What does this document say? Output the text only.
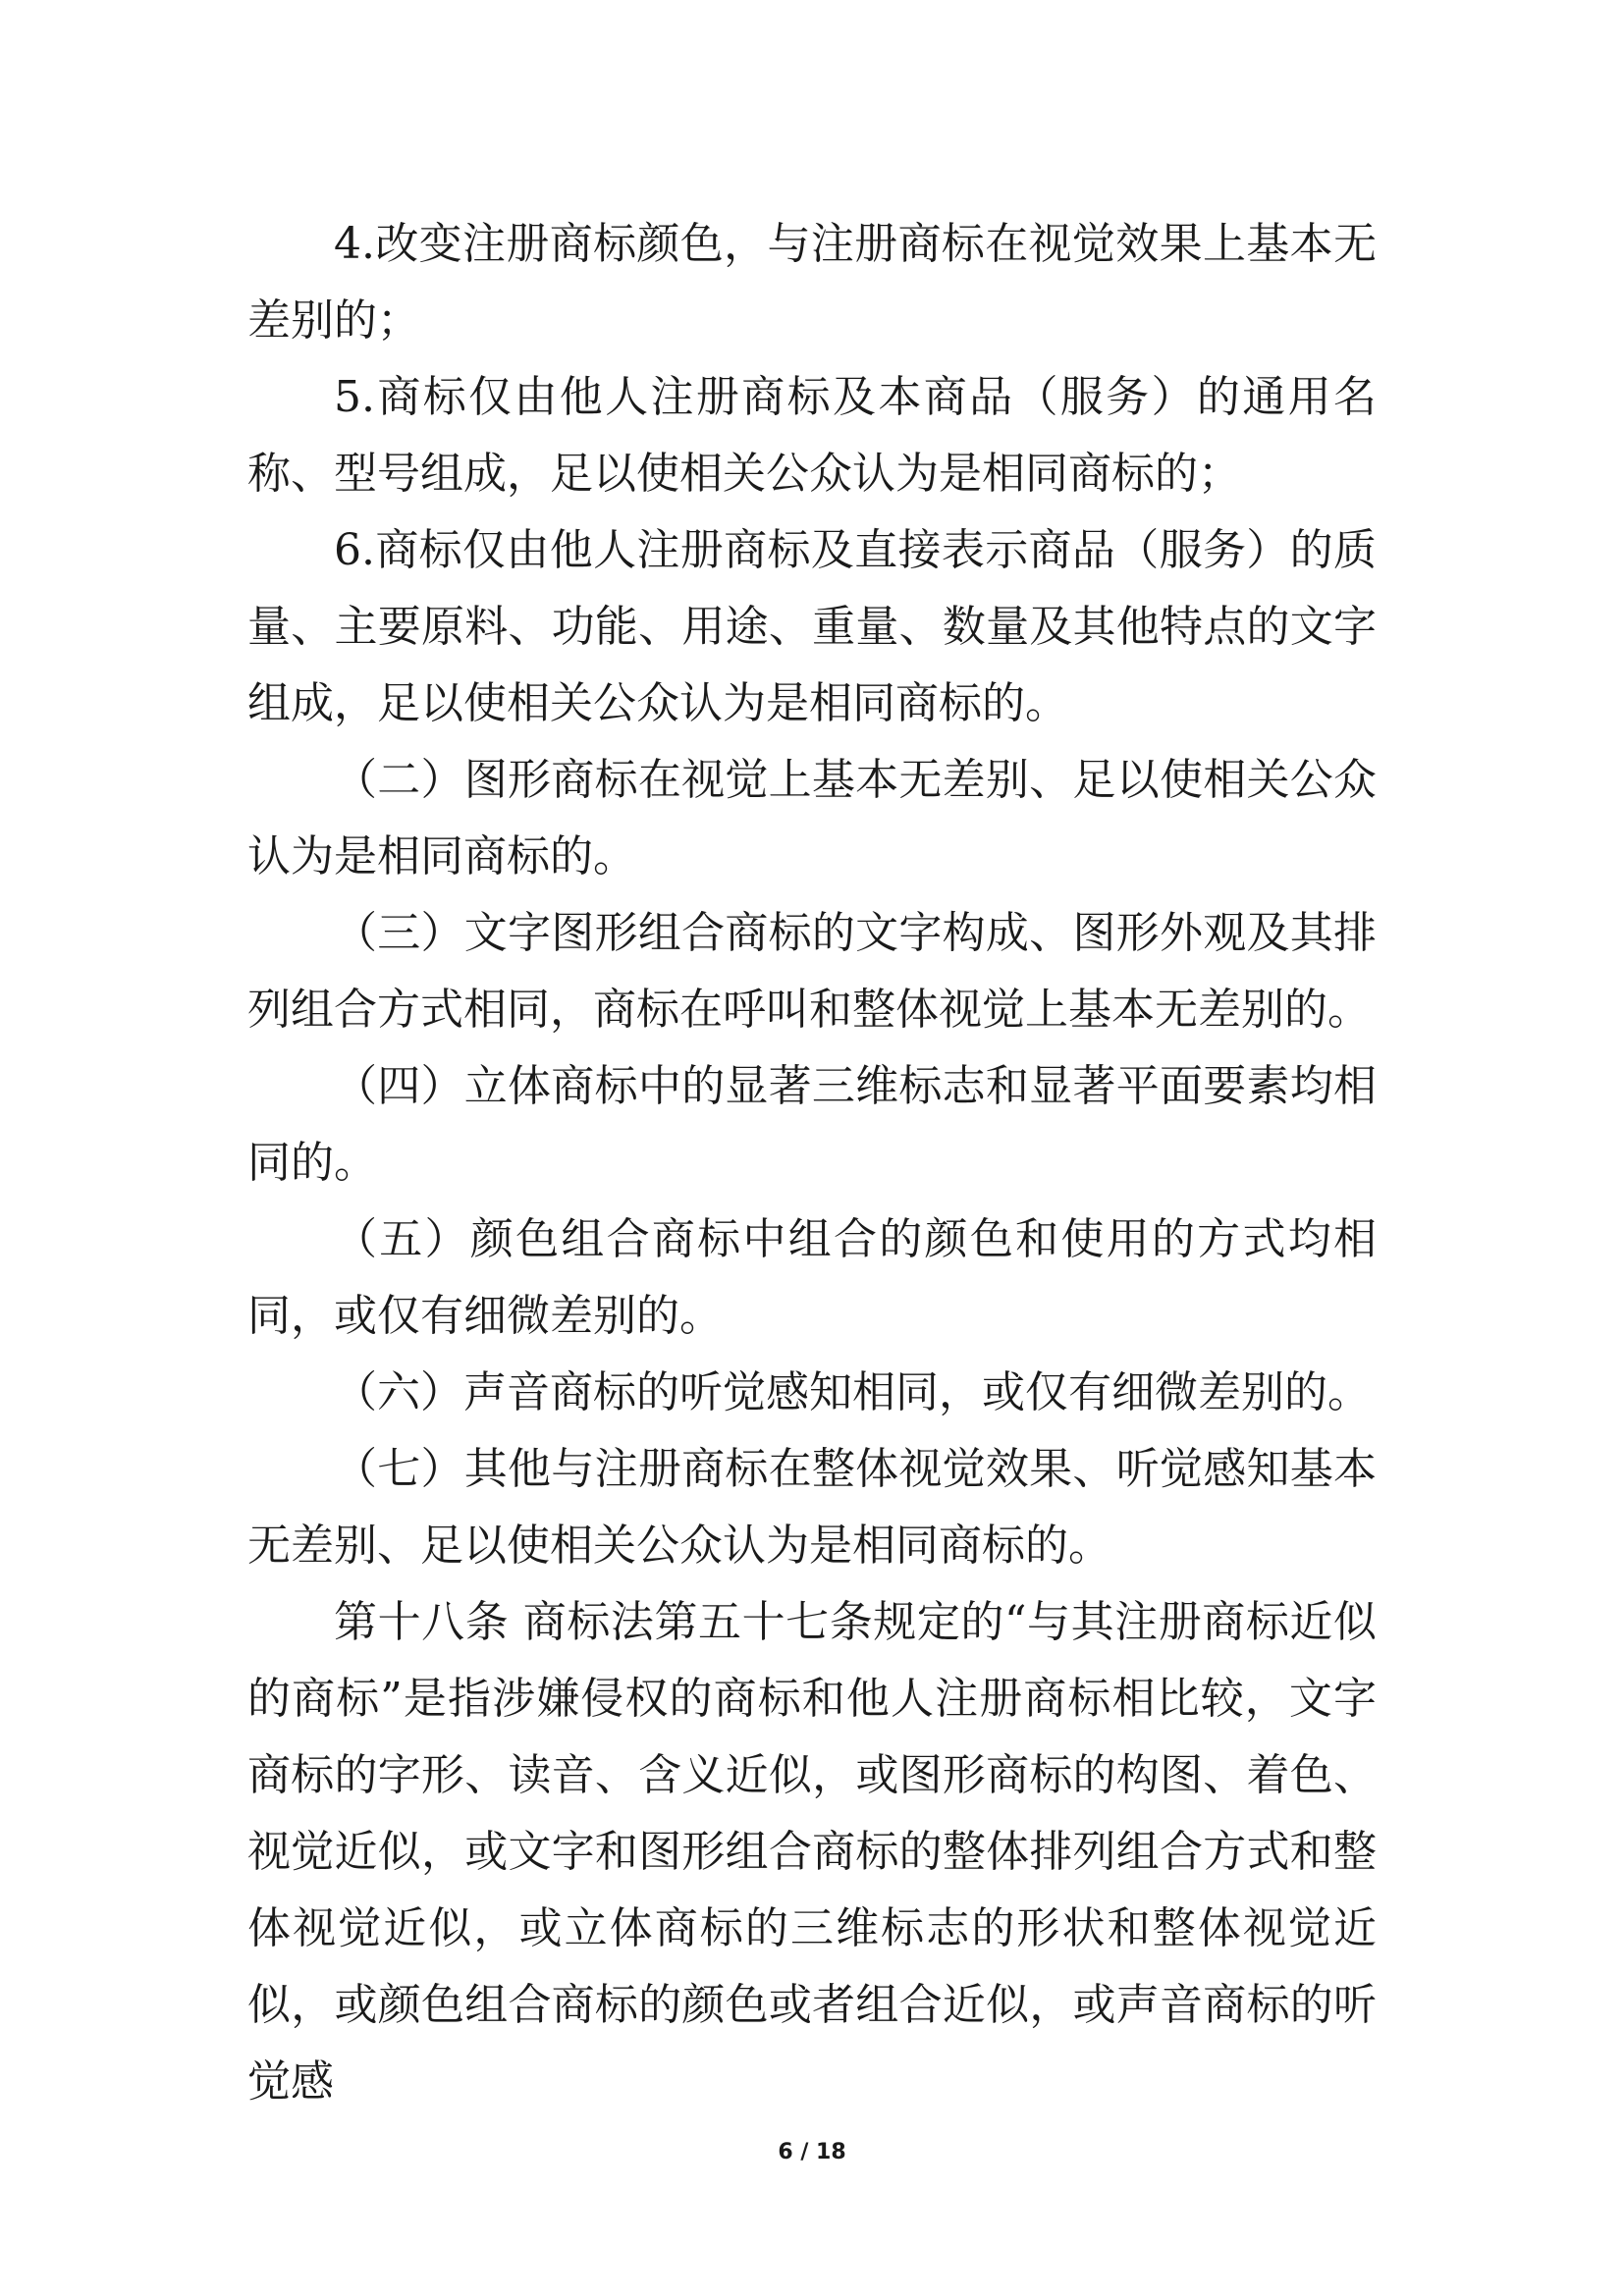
4.改变注册商标颜色，与注册商标在视觉效果上基本无差别的；

5.商标仅由他人注册商标及本商品（服务）的通用名称、型号组成，足以使相关公众认为是相同商标的；

6.商标仅由他人注册商标及直接表示商品（服务）的质量、主要原料、功能、用途、重量、数量及其他特点的文字组成，足以使相关公众认为是相同商标的。

（二）图形商标在视觉上基本无差别、足以使相关公众认为是相同商标的。

（三）文字图形组合商标的文字构成、图形外观及其排列组合方式相同，商标在呼叫和整体视觉上基本无差别的。

（四）立体商标中的显著三维标志和显著平面要素均相同的。

（五）颜色组合商标中组合的颜色和使用的方式均相同，或仅有细微差别的。

（六）声音商标的听觉感知相同，或仅有细微差别的。

（七）其他与注册商标在整体视觉效果、听觉感知基本无差别、足以使相关公众认为是相同商标的。

第十八条 商标法第五十七条规定的“与其注册商标近似的商标”是指涉嫌侵权的商标和他人注册商标相比较，文字商标的字形、读音、含义近似，或图形商标的构图、着色、视觉近似，或文字和图形组合商标的整体排列组合方式和整体视觉近似，或立体商标的三维标志的形状和整体视觉近似，或颜色组合商标的颜色或者组合近似，或声音商标的听觉感

6 / 18
